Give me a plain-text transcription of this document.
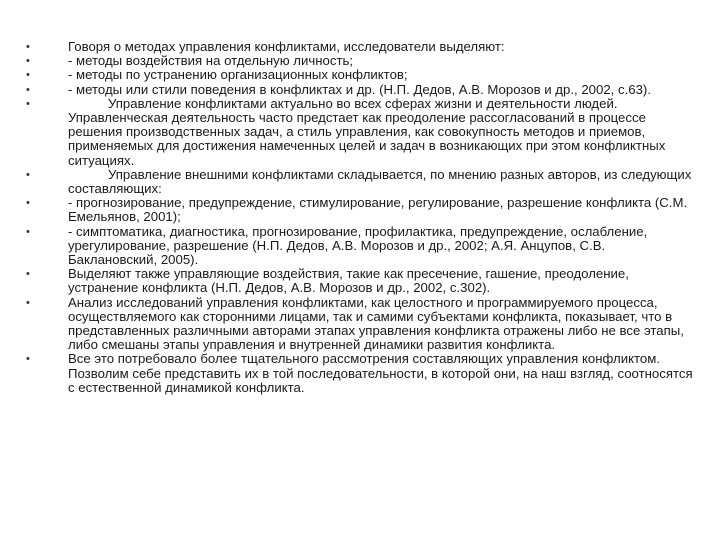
•	Говоря о методах управления конфликтами, исследователи выделяют:
•	- методы воздействия на отдельную личность;
•	- методы по устранению организационных конфликтов;
•	- методы или стили поведения в конфликтах и др. (Н.П. Дедов, А.В. Морозов и др., 2002, с.63).
•	Управление конфликтами актуально во всех сферах жизни и деятельности людей. Управленческая деятельность часто предстает как преодоление рассогласований в процессе решения производственных задач, а стиль управления, как совокупность методов и приемов, применяемых для достижения намеченных целей и задач в возникающих при этом конфликтных ситуациях.
•	Управление внешними конфликтами складывается, по мнению разных авторов, из следующих составляющих:
•	- прогнозирование, предупреждение, стимулирование, регулирование, разрешение конфликта (С.М. Емельянов, 2001);
•	- симптоматика, диагностика, прогнозирование, профилактика, предупреждение, ослабление, урегулирование, разрешение (Н.П. Дедов, А.В. Морозов и др., 2002; А.Я. Анцупов, С.В. Баклановский, 2005).
•	Выделяют также управляющие воздействия, такие как пресечение, гашение, преодоление, устранение конфликта (Н.П. Дедов, А.В. Морозов и др., 2002, с.302).
•	Анализ исследований управления конфликтами, как целостного и программируемого процесса, осуществляемого как сторонними лицами, так и самими субъектами конфликта, показывает, что в представленных различными авторами этапах управления конфликта отражены либо не все этапы, либо смешаны этапы управления и внутренней динамики развития конфликта.
•	Все это потребовало более тщательного рассмотрения составляющих управления конфликтом. Позволим себе представить их в той последовательности, в которой они, на наш взгляд, соотносятся с естественной динамикой конфликта.
